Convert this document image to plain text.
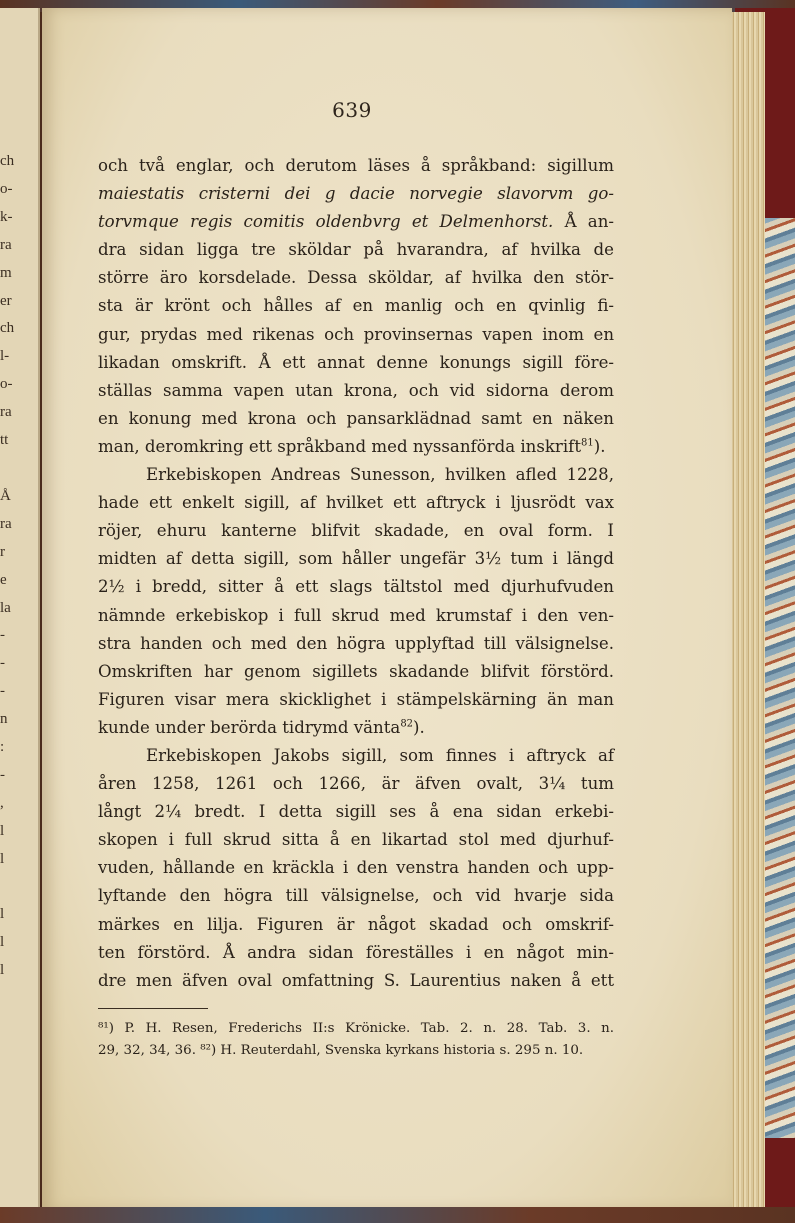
ch
o-
k-
ra
m
er
ch
l-
o-
ra
tt

Å
ra
r
e
la
-
-
-
n
:
-
,
l
l

l
l
l
639
och två englar, och derutom läses å språkband: sigillum
maiestatis cristerni dei g dacie norvegie slavorvm go-
torvmque regis comitis oldenbvrg et Delmenhorst. Å an-
dra sidan ligga tre sköldar på hvarandra, af hvilka de
större äro korsdelade. Dessa sköldar, af hvilka den stör-
sta är krönt och hålles af en manlig och en qvinlig fi-
gur, prydas med rikenas och provinsernas vapen inom en
likadan omskrift. Å ett annat denne konungs sigill före-
ställas samma vapen utan krona, och vid sidorna derom
en konung med krona och pansarklädnad samt en näken
man, deromkring ett språkband med nyssanförda inskrift$^{81}$).
Erkebiskopen Andreas Sunesson, hvilken afled 1228,
hade ett enkelt sigill, af hvilket ett aftryck i ljusrödt vax
röjer, ehuru kanterne blifvit skadade, en oval form. I
midten af detta sigill, som håller ungefär 3½ tum i längd
2½ i bredd, sitter å ett slags tältstol med djurhufvuden
nämnde erkebiskop i full skrud med krumstaf i den ven-
stra handen och med den högra upplyftad till välsignelse.
Omskriften har genom sigillets skadande blifvit förstörd.
Figuren visar mera skicklighet i stämpelskärning än man
kunde under berörda tidrymd vänta$^{82}$).
Erkebiskopen Jakobs sigill, som finnes i aftryck af
åren 1258, 1261 och 1266, är äfven ovalt, 3¼ tum
långt 2¼ bredt. I detta sigill ses å ena sidan erkebi-
skopen i full skrud sitta å en likartad stol med djurhuf-
vuden, hållande en kräckla i den venstra handen och upp-
lyftande den högra till välsignelse, och vid hvarje sida
märkes en lilja. Figuren är något skadad och omskrif-
ten förstörd. Å andra sidan föreställes i en något min-
dre men äfven oval omfattning S. Laurentius naken å ett
⁸¹) P. H. Resen, Frederichs II:s Krönicke. Tab. 2. n. 28. Tab. 3. n.
29, 32, 34, 36. ⁸²) H. Reuterdahl, Svenska kyrkans historia s. 295 n. 10.
